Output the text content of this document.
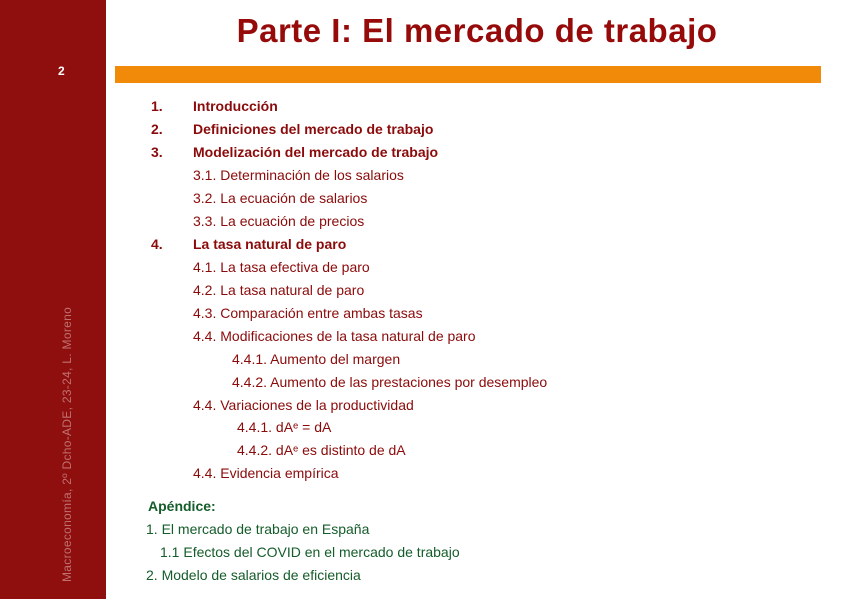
2
Macroeconomía, 2º Dcho-ADE, 23-24, L. Moreno
Parte I: El mercado de trabajo
1. Introducción
2. Definiciones del mercado de trabajo
3. Modelización del mercado de trabajo
3.1. Determinación de los salarios
3.2. La ecuación de salarios
3.3. La ecuación de precios
4. La tasa natural de paro
4.1. La tasa efectiva de paro
4.2. La tasa natural de paro
4.3. Comparación entre ambas tasas
4.4. Modificaciones de la tasa natural de paro
4.4.1. Aumento del margen
4.4.2. Aumento de las prestaciones por desempleo
4.4. Variaciones de la productividad
4.4.1. dAᵉ = dA
4.4.2. dAᵉ es distinto de dA
4.4. Evidencia empírica
Apéndice:
1. El mercado de trabajo en España
1.1 Efectos del COVID en el mercado de trabajo
2. Modelo de salarios de eficiencia
